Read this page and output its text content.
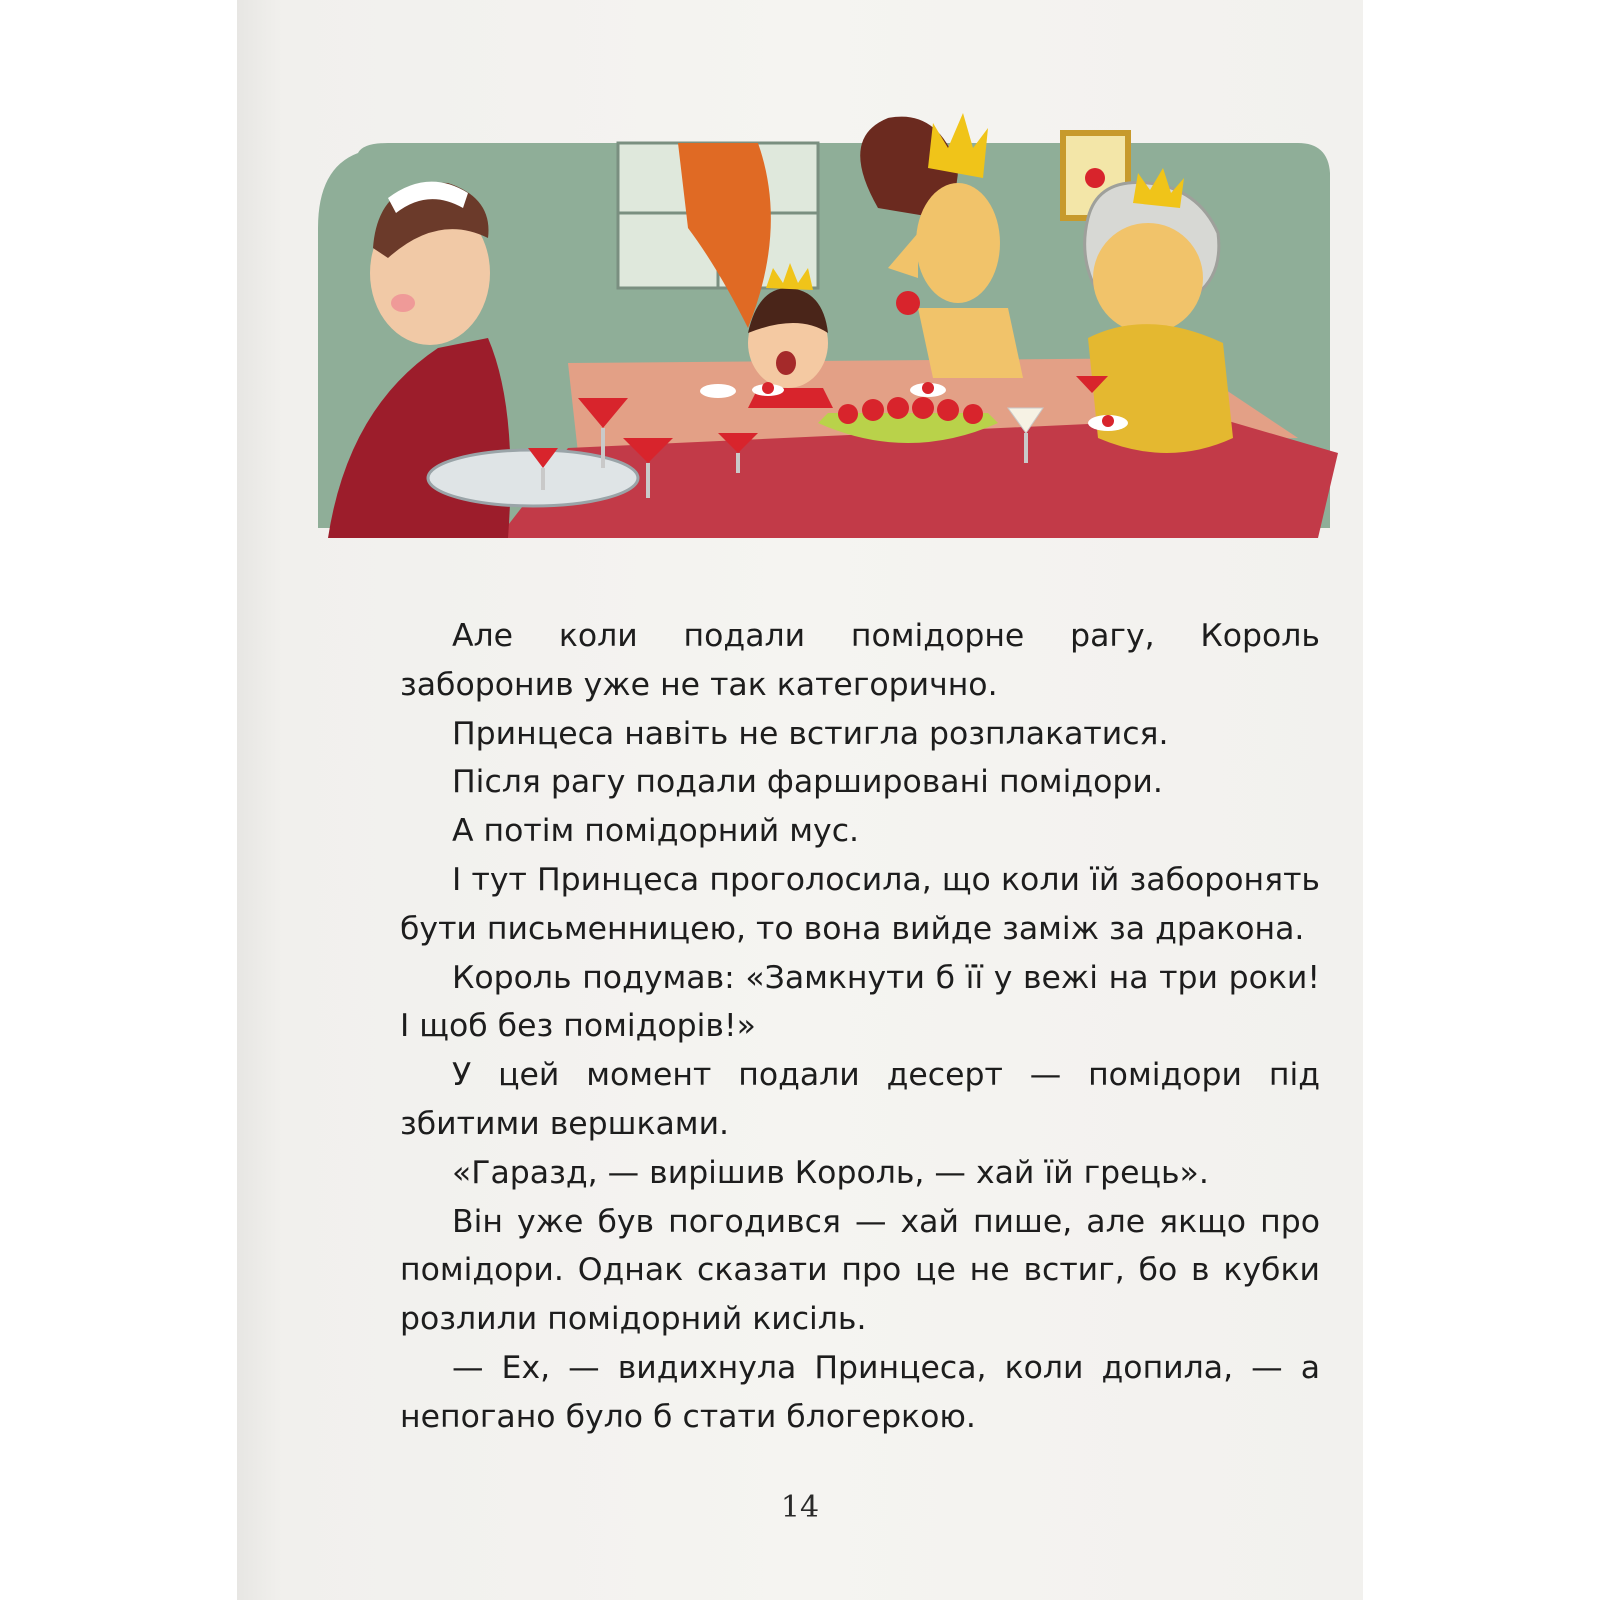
Але коли подали помідорне рагу, Король заборонив уже не так категорично.

Принцеса навіть не встигла розплакатися.

Після рагу подали фаршировані помідори.

А потім помідорний мус.

І тут Принцеса проголосила, що коли їй заборонять бути письменницею, то вона вийде заміж за дракона.

Король подумав: «Замкнути б її у вежі на три роки! І щоб без помідорів!»

У цей момент подали десерт — помідори під збитими вершками.

«Гаразд, — вирішив Король, — хай їй грець».

Він уже був погодився — хай пише, але якщо про помідори. Однак сказати про це не встиг, бо в кубки розлили помідорний кисіль.

— Ех, — видихнула Принцеса, коли допила, — а непогано було б стати блогеркою.

14
